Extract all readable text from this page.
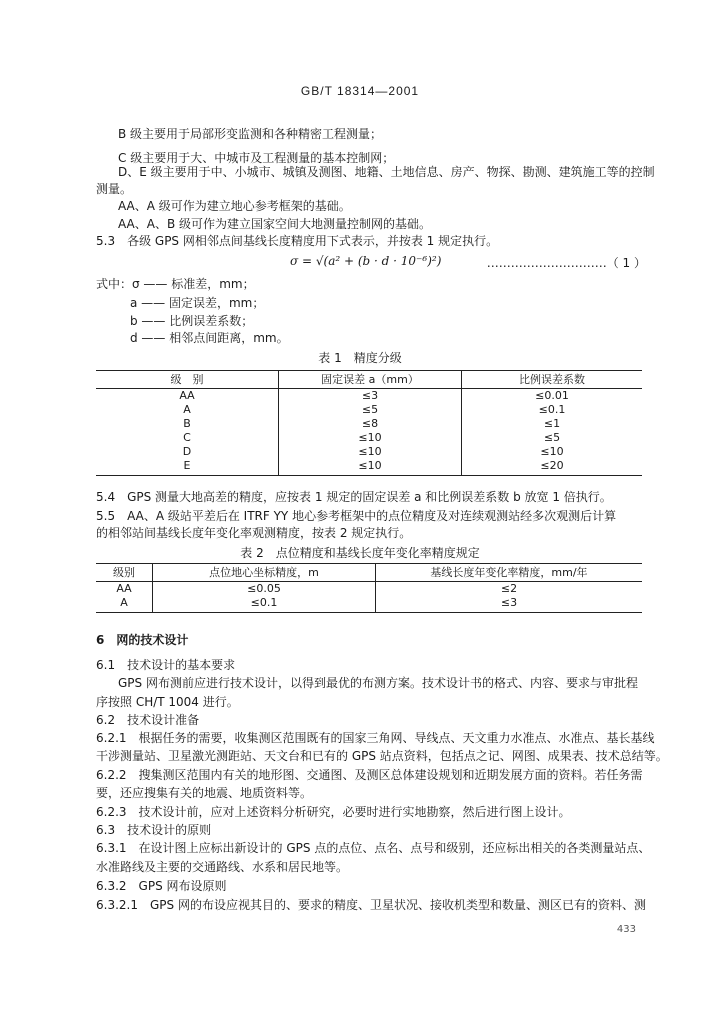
GB/T 18314—2001
B 级主要用于局部形变监测和各种精密工程测量；
C 级主要用于大、中城市及工程测量的基本控制网；
D、E 级主要用于中、小城市、城镇及测图、地籍、土地信息、房产、物探、勘测、建筑施工等的控制
测量。
AA、A 级可作为建立地心参考框架的基础。
AA、A、B 级可作为建立国家空间大地测量控制网的基础。
5.3　各级 GPS 网相邻点间基线长度精度用下式表示，并按表 1 规定执行。
σ = √(a² + (b · d · 10⁻⁶)²)	…………………………（ 1 ）
式中：σ —— 标准差，mm；
a —— 固定误差，mm；
b —— 比例误差系数；
d —— 相邻点间距离，mm。
表 1　精度分级
级　别	固定误差 a（mm）	比例误差系数
AA	≤3	≤0.01
A	≤5	≤0.1
B	≤8	≤1
C	≤10	≤5
D	≤10	≤10
E	≤10	≤20
5.4　GPS 测量大地高差的精度，应按表 1 规定的固定误差 a 和比例误差系数 b 放宽 1 倍执行。
5.5　AA、A 级站平差后在 ITRF YY 地心参考框架中的点位精度及对连续观测站经多次观测后计算
的相邻站间基线长度年变化率观测精度，按表 2 规定执行。
表 2　点位精度和基线长度年变化率精度规定
级别	点位地心坐标精度，m	基线长度年变化率精度，mm/年
AA	≤0.05	≤2
A	≤0.1	≤3
6　网的技术设计
6.1　技术设计的基本要求
GPS 网布测前应进行技术设计，以得到最优的布测方案。技术设计书的格式、内容、要求与审批程
序按照 CH/T 1004 进行。
6.2　技术设计准备
6.2.1　根据任务的需要，收集测区范围既有的国家三角网、导线点、天文重力水准点、水准点、基长基线
干涉测量站、卫星激光测距站、天文台和已有的 GPS 站点资料，包括点之记、网图、成果表、技术总结等。
6.2.2　搜集测区范围内有关的地形图、交通图、及测区总体建设规划和近期发展方面的资料。若任务需
要，还应搜集有关的地震、地质资料等。
6.2.3　技术设计前，应对上述资料分析研究，必要时进行实地勘察，然后进行图上设计。
6.3　技术设计的原则
6.3.1　在设计图上应标出新设计的 GPS 点的点位、点名、点号和级别，还应标出相关的各类测量站点、
水准路线及主要的交通路线、水系和居民地等。
6.3.2　GPS 网布设原则
6.3.2.1　GPS 网的布设应视其目的、要求的精度、卫星状况、接收机类型和数量、测区已有的资料、测
433
